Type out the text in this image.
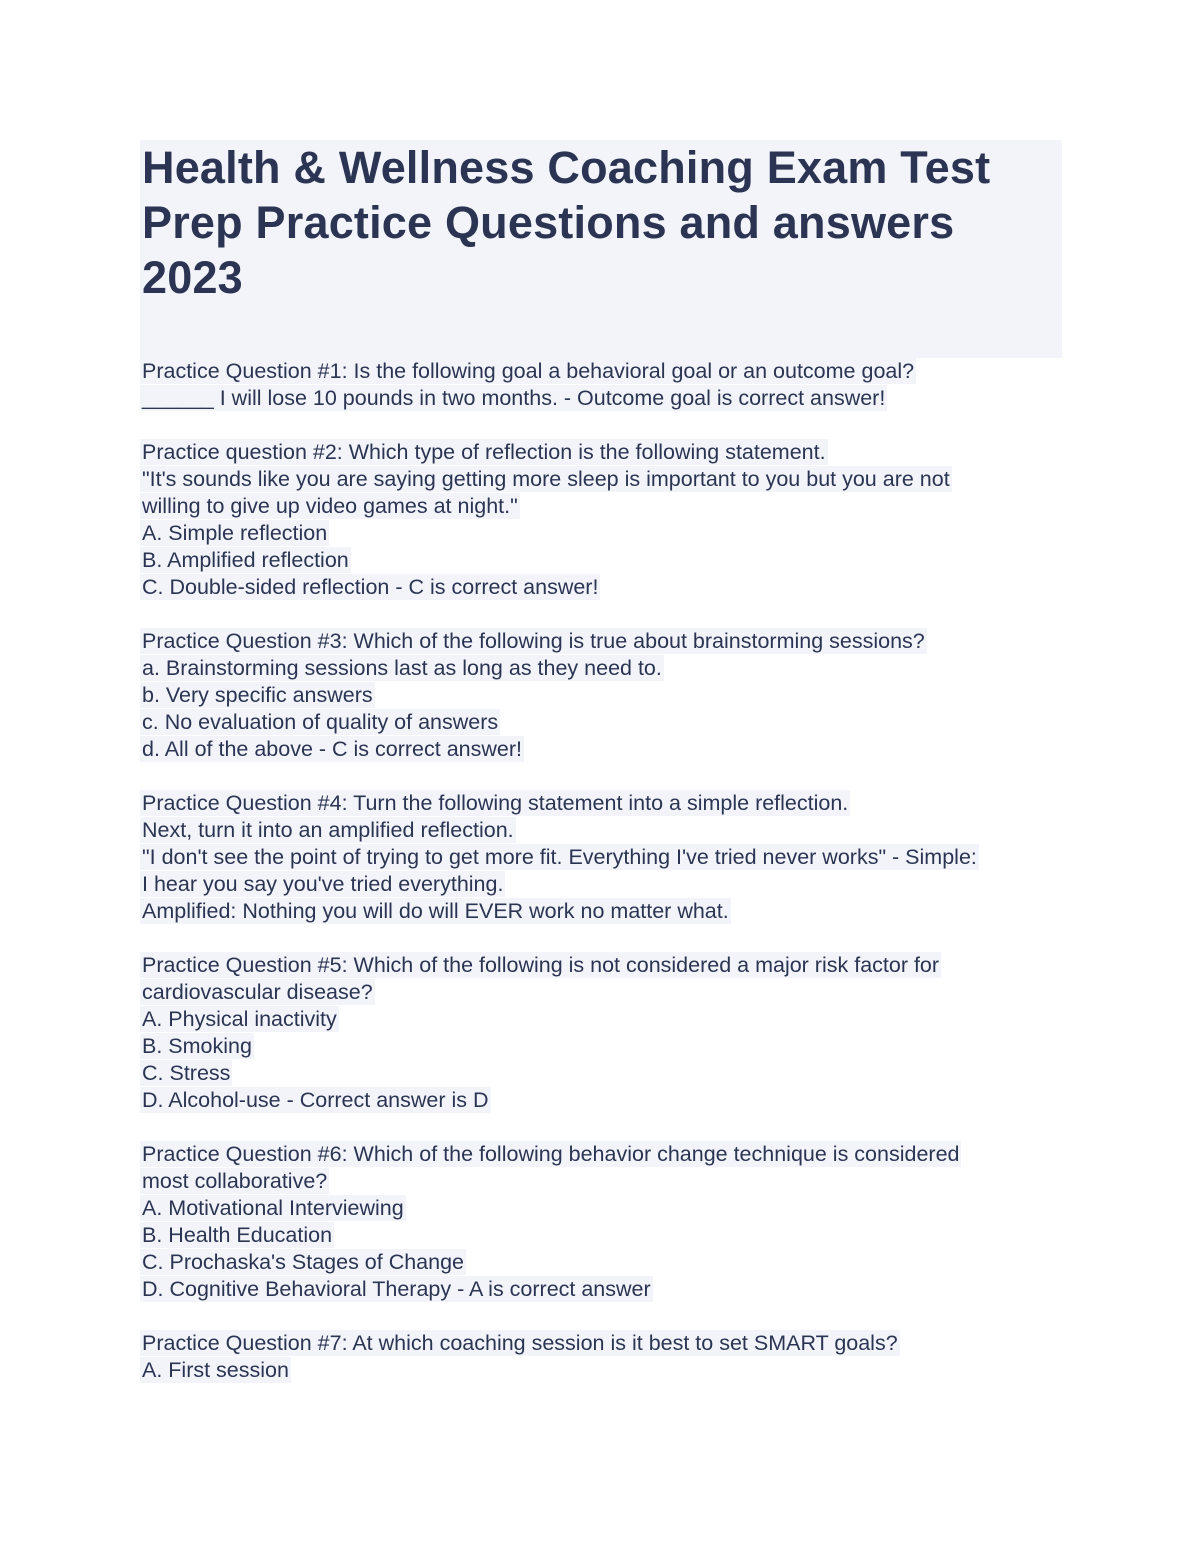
Health & Wellness Coaching Exam Test
Prep Practice Questions and answers
2023
Practice Question #1: Is the following goal a behavioral goal or an outcome goal?
______ I will lose 10 pounds in two months. - Outcome goal is correct answer!
Practice question #2: Which type of reflection is the following statement.
"It's sounds like you are saying getting more sleep is important to you but you are not
willing to give up video games at night."
A. Simple reflection
B. Amplified reflection
C. Double-sided reflection - C is correct answer!
Practice Question #3: Which of the following is true about brainstorming sessions?
a. Brainstorming sessions last as long as they need to.
b. Very specific answers
c. No evaluation of quality of answers
d. All of the above - C is correct answer!
Practice Question #4: Turn the following statement into a simple reflection.
Next, turn it into an amplified reflection.
"I don't see the point of trying to get more fit. Everything I've tried never works" - Simple:
I hear you say you've tried everything.
Amplified: Nothing you will do will EVER work no matter what.
Practice Question #5: Which of the following is not considered a major risk factor for
cardiovascular disease?
A. Physical inactivity
B. Smoking
C. Stress
D. Alcohol-use - Correct answer is D
Practice Question #6: Which of the following behavior change technique is considered
most collaborative?
A. Motivational Interviewing
B. Health Education
C. Prochaska's Stages of Change
D. Cognitive Behavioral Therapy - A is correct answer
Practice Question #7: At which coaching session is it best to set SMART goals?
A. First session
